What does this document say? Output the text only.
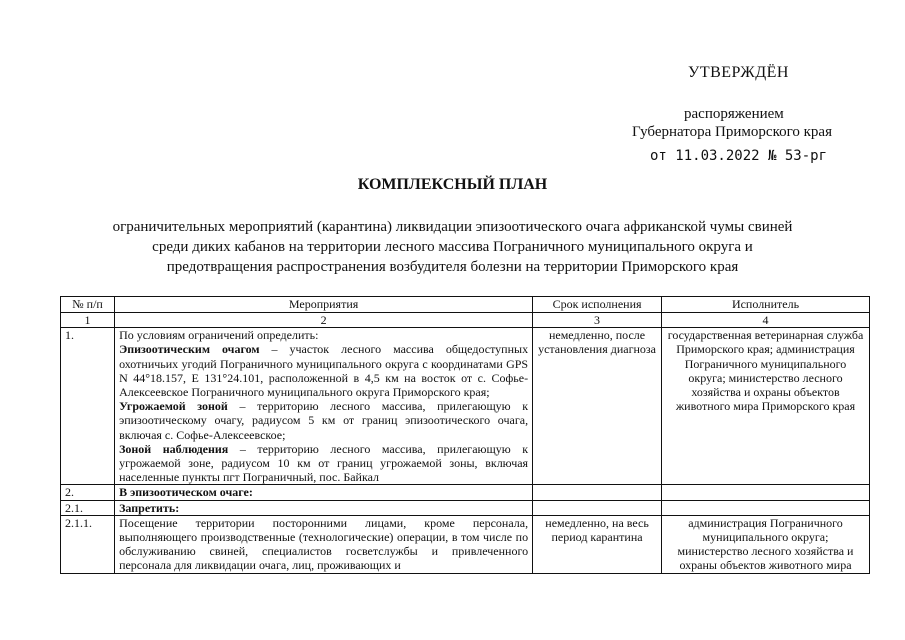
УТВЕРЖДЁН
распоряжением
Губернатора Приморского края
от 11.03.2022 № 53-рг
КОМПЛЕКСНЫЙ ПЛАН
ограничительных мероприятий (карантина) ликвидации эпизоотического очага африканской чумы свиней
среди диких кабанов на территории лесного массива Пограничного муниципального округа и
предотвращения распространения возбудителя болезни на территории Приморского края
№ п/п	Мероприятия	Срок исполнения	Исполнитель
1	2	3	4
1.	По условиям ограничений определить:
Эпизоотическим очагом – участок лесного массива общедоступных охотничьих угодий Пограничного муниципального округа с координатами GPS N 44°18.157, E 131°24.101, расположенной в 4,5 км на восток от с. Софье-Алексеевское Пограничного муниципального округа Приморского края;
Угрожаемой зоной – территорию лесного массива, прилегающую к эпизоотическому очагу, радиусом 5 км от границ эпизоотического очага, включая с. Софье-Алексеевское;
Зоной наблюдения – территорию лесного массива, прилегающую к угрожаемой зоне, радиусом 10 км от границ угрожаемой зоны, включая населенные пункты пгт Пограничный, пос. Байкал	немедленно, после установления диагноза	государственная ветеринарная служба Приморского края; администрация Пограничного муниципального округа; министерство лесного хозяйства и охраны объектов животного мира Приморского края
2.	В эпизоотическом очаге:		
2.1.	Запретить:		
2.1.1.	Посещение территории посторонними лицами, кроме персонала, выполняющего производственные (технологические) операции, в том числе по обслуживанию свиней, специалистов госветслужбы и привлеченного персонала для ликвидации очага, лиц, проживающих и	немедленно, на весь период карантина	администрация Пограничного муниципального округа; министерство лесного хозяйства и охраны объектов животного мира
